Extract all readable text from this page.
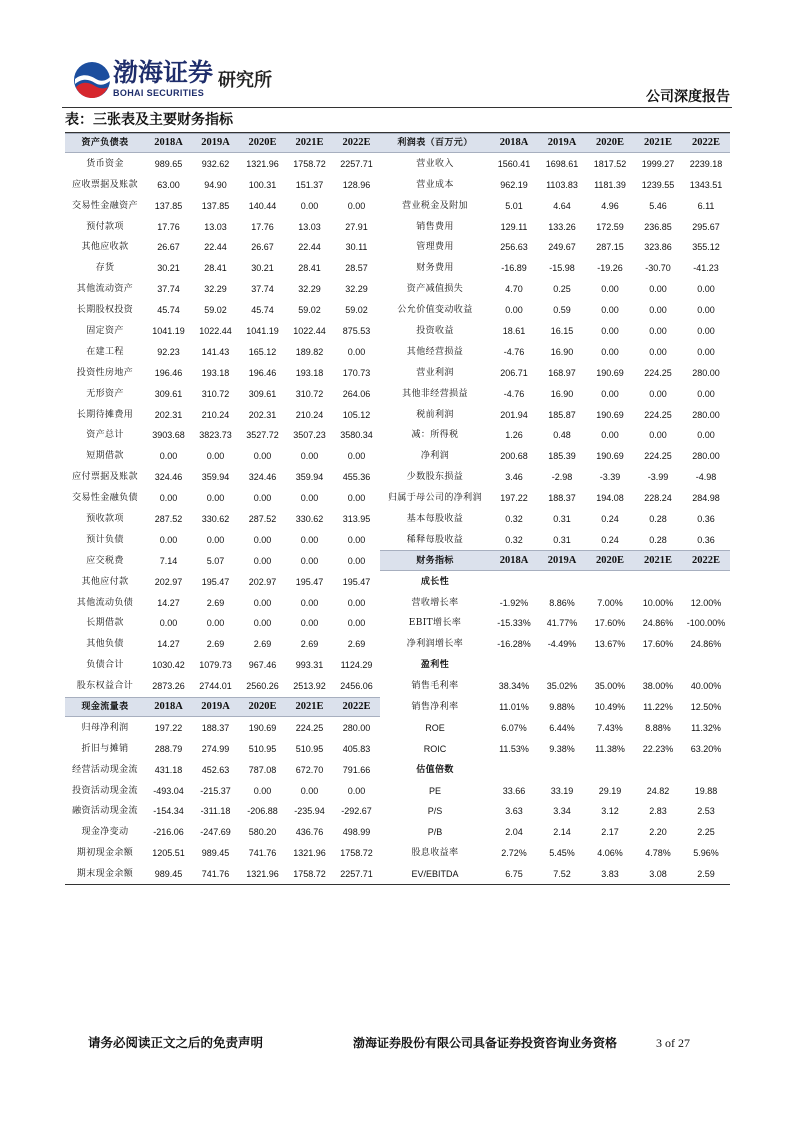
渤海证券
BOHAI SECURITIES
研究所
公司深度报告
表：三张表及主要财务指标
资产负债表	2018A	2019A	2020E	2021E	2022E	利润表（百万元）	2018A	2019A	2020E	2021E	2022E
货币资金	989.65	932.62	1321.96	1758.72	2257.71	营业收入	1560.41	1698.61	1817.52	1999.27	2239.18
应收票据及账款	63.00	94.90	100.31	151.37	128.96	营业成本	962.19	1103.83	1181.39	1239.55	1343.51
交易性金融资产	137.85	137.85	140.44	0.00	0.00	营业税金及附加	5.01	4.64	4.96	5.46	6.11
预付款项	17.76	13.03	17.76	13.03	27.91	销售费用	129.11	133.26	172.59	236.85	295.67
其他应收款	26.67	22.44	26.67	22.44	30.11	管理费用	256.63	249.67	287.15	323.86	355.12
存货	30.21	28.41	30.21	28.41	28.57	财务费用	-16.89	-15.98	-19.26	-30.70	-41.23
其他流动资产	37.74	32.29	37.74	32.29	32.29	资产减值损失	4.70	0.25	0.00	0.00	0.00
长期股权投资	45.74	59.02	45.74	59.02	59.02	公允价值变动收益	0.00	0.59	0.00	0.00	0.00
固定资产	1041.19	1022.44	1041.19	1022.44	875.53	投资收益	18.61	16.15	0.00	0.00	0.00
在建工程	92.23	141.43	165.12	189.82	0.00	其他经营损益	-4.76	16.90	0.00	0.00	0.00
投资性房地产	196.46	193.18	196.46	193.18	170.73	营业利润	206.71	168.97	190.69	224.25	280.00
无形资产	309.61	310.72	309.61	310.72	264.06	其他非经营损益	-4.76	16.90	0.00	0.00	0.00
长期待摊费用	202.31	210.24	202.31	210.24	105.12	税前利润	201.94	185.87	190.69	224.25	280.00
资产总计	3903.68	3823.73	3527.72	3507.23	3580.34	减：所得税	1.26	0.48	0.00	0.00	0.00
短期借款	0.00	0.00	0.00	0.00	0.00	净利润	200.68	185.39	190.69	224.25	280.00
应付票据及账款	324.46	359.94	324.46	359.94	455.36	少数股东损益	3.46	-2.98	-3.39	-3.99	-4.98
交易性金融负债	0.00	0.00	0.00	0.00	0.00	归属于母公司的净利润	197.22	188.37	194.08	228.24	284.98
预收款项	287.52	330.62	287.52	330.62	313.95	基本每股收益	0.32	0.31	0.24	0.28	0.36
预计负债	0.00	0.00	0.00	0.00	0.00	稀释每股收益	0.32	0.31	0.24	0.28	0.36
应交税费	7.14	5.07	0.00	0.00	0.00	财务指标	2018A	2019A	2020E	2021E	2022E
其他应付款	202.97	195.47	202.97	195.47	195.47	成长性					
其他流动负债	14.27	2.69	0.00	0.00	0.00	营收增长率	-1.92%	8.86%	7.00%	10.00%	12.00%
长期借款	0.00	0.00	0.00	0.00	0.00	EBIT增长率	-15.33%	41.77%	17.60%	24.86%	-100.00%
其他负债	14.27	2.69	2.69	2.69	2.69	净利润增长率	-16.28%	-4.49%	13.67%	17.60%	24.86%
负债合计	1030.42	1079.73	967.46	993.31	1124.29	盈利性					
股东权益合计	2873.26	2744.01	2560.26	2513.92	2456.06	销售毛利率	38.34%	35.02%	35.00%	38.00%	40.00%
现金流量表	2018A	2019A	2020E	2021E	2022E	销售净利率	11.01%	9.88%	10.49%	11.22%	12.50%
归母净利润	197.22	188.37	190.69	224.25	280.00	ROE	6.07%	6.44%	7.43%	8.88%	11.32%
折旧与摊销	288.79	274.99	510.95	510.95	405.83	ROIC	11.53%	9.38%	11.38%	22.23%	63.20%
经营活动现金流	431.18	452.63	787.08	672.70	791.66	估值倍数					
投资活动现金流	-493.04	-215.37	0.00	0.00	0.00	PE	33.66	33.19	29.19	24.82	19.88
融资活动现金流	-154.34	-311.18	-206.88	-235.94	-292.67	P/S	3.63	3.34	3.12	2.83	2.53
现金净变动	-216.06	-247.69	580.20	436.76	498.99	P/B	2.04	2.14	2.17	2.20	2.25
期初现金余额	1205.51	989.45	741.76	1321.96	1758.72	股息收益率	2.72%	5.45%	4.06%	4.78%	5.96%
期末现金余额	989.45	741.76	1321.96	1758.72	2257.71	EV/EBITDA	6.75	7.52	3.83	3.08	2.59
请务必阅读正文之后的免责声明	渤海证券股份有限公司具备证券投资咨询业务资格	3 of 27
